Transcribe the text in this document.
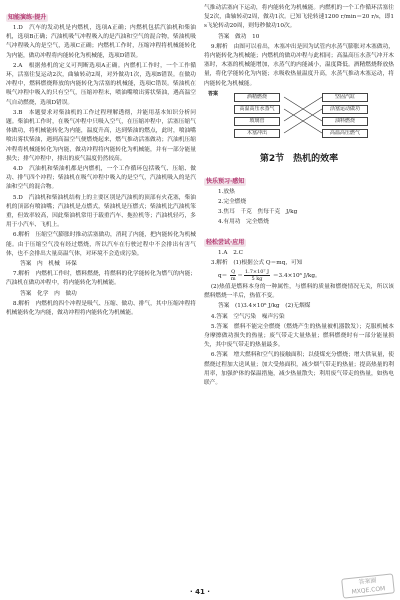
知能演练·提升

1.D　汽车的发动机是内燃机，选项A正确；内燃机包括汽油机和柴油机，选项B正确；汽油机吸气冲程吸入的是汽油和空气的混合物，柴油机吸气冲程吸入的是空气，选项C正确；内燃机工作时，压缩冲程将机械能转化为内能，做功冲程将内能转化为机械能，选项D错误。

2.A　根据热机的定义可判断选项A正确。内燃机工作时，一个工作循环，活塞往复运动2次，曲轴转动2周，对外做功1次，选项B错误。在做功冲程中，燃料燃烧释放的内能转化为活塞的机械能，选项C错误。柴油机在吸气冲程中吸入的只有空气，压缩冲程末，喷油嘴喷出雾状柴油，遇高温空气自动燃烧，选项D错误。

3.B　本题要求对柴油机的工作过程理解透彻，并能用基本知识分析问题。柴油机工作时，在吸气冲程中只吸入空气，在压缩冲程中，活塞压缩气体做功，将机械能转化为内能，温度升高，达到柴油的燃点，此时，喷油嘴喷出雾状柴油，遇到高温空气便燃烧起来，燃气推动活塞做功；汽油机压缩冲程将机械能转化为内能，做功冲程将内能转化为机械能，并有一部分能量损失；排气冲程中，排出的废气温度仍然较高。

4.D　汽油机和柴油机都是内燃机，一个工作循环包括吸气、压缩、做功、排气四个冲程；柴油机在吸气冲程中吸入的是空气，汽油机吸入的是汽油和空气的混合物。

5.D　汽油机和柴油机结构上的主要区别是汽油机的顶部有火花塞，柴油机的顶部有喷油嘴；汽油机是点燃式，柴油机是压燃式；柴油机比汽油机笨重，但效率较高，因此柴油机常用于载重汽车、拖拉机等；汽油机轻巧，多用于小汽车、飞机上。

6.解析　压缩空气膨胀时推动活塞做功，消耗了内能，把内能转化为机械能。由于压缩空气没有经过燃烧，所以汽车在行驶过程中不会排出有害气体，也不会排出大量高温气体，对环境不会造成污染。

答案　内　机械　环保

7.解析　内燃机工作时，燃料燃烧，将燃料的化学能转化为燃气的内能；汽油机在做功冲程中，将内能转化为机械能。

答案　化学　内　做功

8.解析　内燃机的四个冲程是吸气、压缩、做功、排气，其中压缩冲程将机械能转化为内能，做功冲程将内能转化为机械能。

气推动活塞向下运动，将内能转化为机械能。内燃机的一个工作循环活塞往复2次，曲轴转动2周，做功1次。已知飞轮转速1200 r/min＝20 r/s，即1 s飞轮转动20周，则每秒做功10次。

答案　做功　10

9.解析　由图可以看出，木塞冲出是因为试管内水蒸气膨胀对木塞做功，将内能转化为机械能；内燃机的做功冲程与此相同；高温高压水蒸气冲开木塞时，木塞的机械能增加，水蒸气的内能减小，温度降低。酒精燃烧释放热量，将化学能转化为内能；水吸收热量温度升高，水蒸气推动木塞运动，将内能转化为机械能。

答案	酒精燃烧
高温高压水蒸气
玻璃管
木塞冲出
坚固汽缸
活塞运动做功
油料燃烧
高温高压燃气
第2节　热机的效率
快乐预习·感知

1.放热

2.完全燃烧

3.焦耳　千克　焦每千克　J/kg

4.有用功　完全燃烧

轻松尝试·应用

1.A　2.C

3.解析　(1)根据公式 Q＝mq，可知

$q= \frac{Q}{m}= \frac{\text{1.7×10⁷ J}}{5 kg} =3.4\times 10^6$ J/kg。

(2)热值是燃料本身的一种属性，与燃料的质量和燃烧情况无关，所以该燃料燃烧一半后，热值不变。

答案　(1)3.4×10⁶ J/kg　(2)无烟煤

4.答案　空气污染　噪声污染

5.答案　燃料不能完全燃烧（燃烧产生的热量被机器散发）；克服机械本身摩擦做功损失的热量；废气带走大量热量；燃料燃烧时有一部分能量损失，其中废气带走的热量最多。

6.答案　增大燃料和空气的接触面积；以使煤充分燃烧；增大供氧量，使燃烧过程加大送风量；加大受热面积，减少烟气带走的热量；提高热量的利用率，加强炉体的保温措施，减少热量散失；利用废气带走的热量，如热电联产。

· 41 ·
答案圈 MXQE.COM
